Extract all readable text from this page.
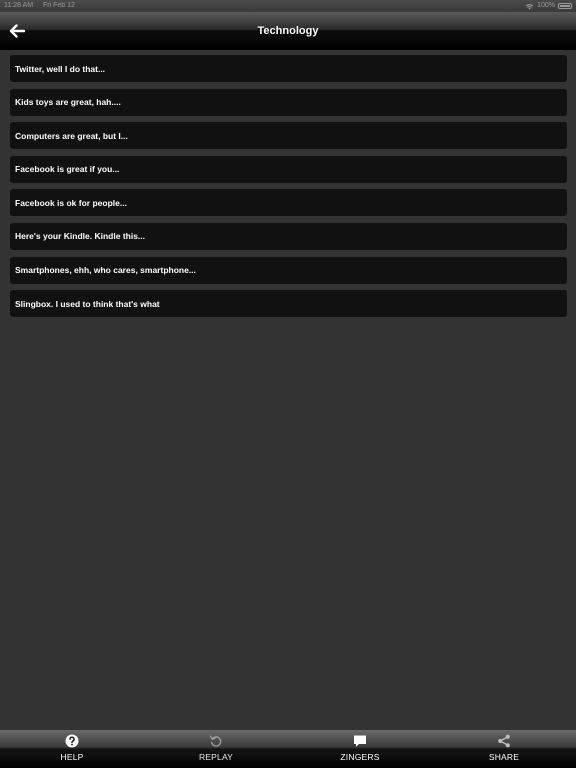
11:28 AM Fri Feb 12	100%
Technology
Twitter, well I do that...
Kids toys are great, hah....
Computers are great, but I...
Facebook is great if you...
Facebook is ok for people...
Here's your Kindle. Kindle this...
Smartphones, ehh, who cares, smartphone...
Slingbox. I used to think that's what
HELP	REPLAY	ZINGERS	SHARE
